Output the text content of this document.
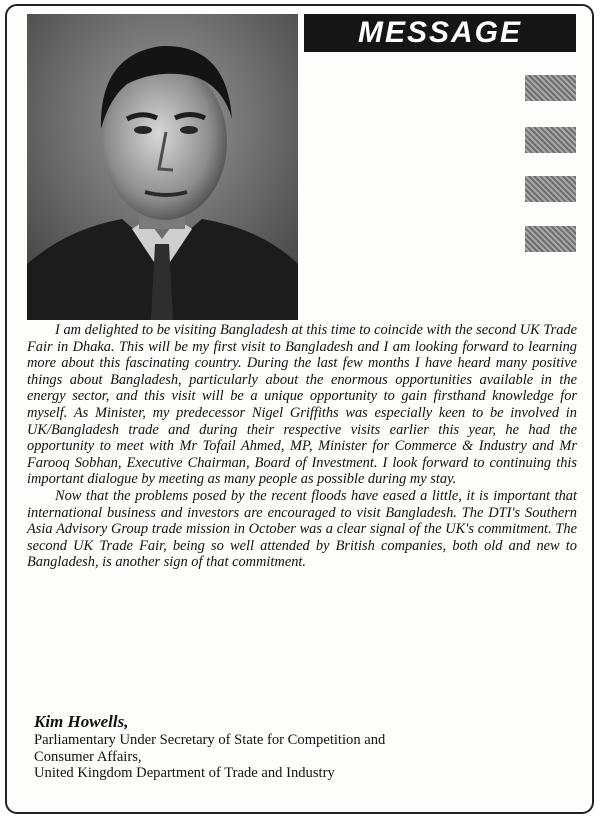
MESSAGE

I am delighted to be visiting Bangladesh at this time to coincide with the second UK Trade Fair in Dhaka. This will be my first visit to Bangladesh and I am looking forward to learning more about this fascinating country. During the last few months I have heard many positive things about Bangladesh, particularly about the enormous opportunities available in the energy sector, and this visit will be a unique opportunity to gain firsthand knowledge for myself. As Minister, my predecessor Nigel Griffiths was especially keen to be involved in UK/Bangladesh trade and during their respective visits earlier this year, he had the opportunity to meet with Mr Tofail Ahmed, MP, Minister for Commerce & Industry and Mr Farooq Sobhan, Executive Chairman, Board of Investment. I look forward to continuing this important dialogue by meeting as many people as possible during my stay.

Now that the problems posed by the recent floods have eased a little, it is important that international business and investors are encouraged to visit Bangladesh. The DTI's Southern Asia Advisory Group trade mission in October was a clear signal of the UK's commitment. The second UK Trade Fair, being so well attended by British companies, both old and new to Bangladesh, is another sign of that commitment.

Kim Howells,

Parliamentary Under Secretary of State for Competition and

Consumer Affairs,

United Kingdom Department of Trade and Industry
